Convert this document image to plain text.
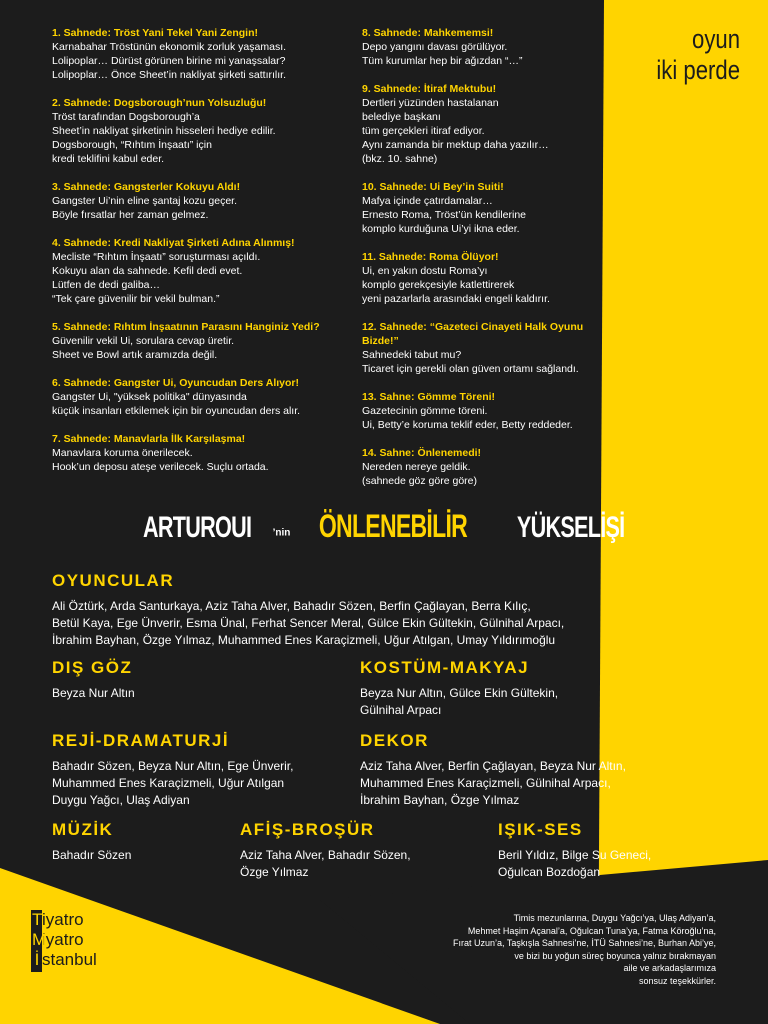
oyun
iki perde
1. Sahnede: Tröst Yani Tekel Yani Zengin!
Karnabahar Tröstünün ekonomik zorluk yaşaması.
Lolipoplar… Dürüst görünen birine mi yanaşsalar?
Lolipoplar… Önce Sheet’in nakliyat şirketi sattırılır.
2. Sahnede: Dogsborough’nun Yolsuzluğu!
Tröst tarafından Dogsborough’a
Sheet’in nakliyat şirketinin hisseleri hediye edilir.
Dogsborough, “Rıhtım İnşaatı” için
kredi teklifini kabul eder.
3. Sahnede: Gangsterler Kokuyu Aldı!
Gangster Ui’nin eline şantaj kozu geçer.
Böyle fırsatlar her zaman gelmez.
4. Sahnede: Kredi Nakliyat Şirketi Adına Alınmış!
Mecliste “Rıhtım İnşaatı” soruşturması açıldı.
Kokuyu alan da sahnede. Kefil dedi evet.
Lütfen de dedi galiba…
“Tek çare güvenilir bir vekil bulman.”
5. Sahnede: Rıhtım İnşaatının Parasını Hanginiz Yedi?
Güvenilir vekil Ui, sorulara cevap üretir.
Sheet ve Bowl artık aramızda değil.
6. Sahnede: Gangster Ui, Oyuncudan Ders Alıyor!
Gangster Ui, "yüksek politika" dünyasında
küçük insanları etkilemek için bir oyuncudan ders alır.
7. Sahnede: Manavlarla İlk Karşılaşma!
Manavlara koruma önerilecek.
Hook’un deposu ateşe verilecek. Suçlu ortada.
8. Sahnede: Mahkememsi!
Depo yangını davası görülüyor.
Tüm kurumlar hep bir ağızdan “…”
9. Sahnede: İtiraf Mektubu!
Dertleri yüzünden hastalanan
belediye başkanı
tüm gerçekleri itiraf ediyor.
Aynı zamanda bir mektup daha yazılır…
(bkz. 10. sahne)
10. Sahnede: Ui Bey’in Suiti!
Mafya içinde çatırdamalar…
Ernesto Roma, Tröst’ün kendilerine
komplo kurduğuna Ui’yi ikna eder.
11. Sahnede: Roma Ölüyor!
Ui, en yakın dostu Roma’yı
komplo gerekçesiyle katlettirerek
yeni pazarlarla arasındaki engeli kaldırır.
12. Sahnede: “Gazeteci Cinayeti Halk Oyunu Bizde!”
Sahnedeki tabut mu?
Ticaret için gerekli olan güven ortamı sağlandı.
13. Sahne: Gömme Töreni!
Gazetecinin gömme töreni.
Ui, Betty’e koruma teklif eder, Betty reddeder.
14. Sahne: Önlenemedi!
Nereden nereye geldik.
(sahnede göz göre göre)
ARTUROUI ’nin ÖNLENEBİLİR YÜKSELİŞİ
OYUNCULAR
Ali Öztürk, Arda Santurkaya, Aziz Taha Alver, Bahadır Sözen, Berfin Çağlayan, Berra Kılıç,
Betül Kaya, Ege Ünverir, Esma Ünal, Ferhat Sencer Meral, Gülce Ekin Gültekin, Gülnihal Arpacı,
İbrahim Bayhan, Özge Yılmaz, Muhammed Enes Karaçizmeli, Uğur Atılgan, Umay Yıldırımoğlu
DIŞ GÖZ
Beyza Nur Altın
KOSTÜM-MAKYAJ
Beyza Nur Altın, Gülce Ekin Gültekin,
Gülnihal Arpacı
REJİ-DRAMATURJİ
Bahadır Sözen, Beyza Nur Altın, Ege Ünverir,
Muhammed Enes Karaçizmeli, Uğur Atılgan
Duygu Yağcı, Ulaş Adiyan
DEKOR
Aziz Taha Alver, Berfin Çağlayan, Beyza Nur Altın,
Muhammed Enes Karaçizmeli, Gülnihal Arpacı,
İbrahim Bayhan, Özge Yılmaz
MÜZİK
Bahadır Sözen
AFİŞ-BROŞÜR
Aziz Taha Alver, Bahadır Sözen,
Özge Yılmaz
IŞIK-SES
Beril Yıldız, Bilge Su Geneci,
Oğulcan Bozdoğan
Tiyatro
Miyatro
İ stanbul
Timis mezunlarına, Duygu Yağcı’ya, Ulaş Adiyan’a,
Mehmet Haşim Açanal’a, Oğulcan Tuna’ya, Fatma Köroğlu’na,
Fırat Uzun’a, Taşkışla Sahnesi’ne, İTÜ Sahnesi’ne, Burhan Abi’ye,
ve bizi bu yoğun süreç boyunca yalnız bırakmayan
aile ve arkadaşlarımıza
sonsuz teşekkürler.
